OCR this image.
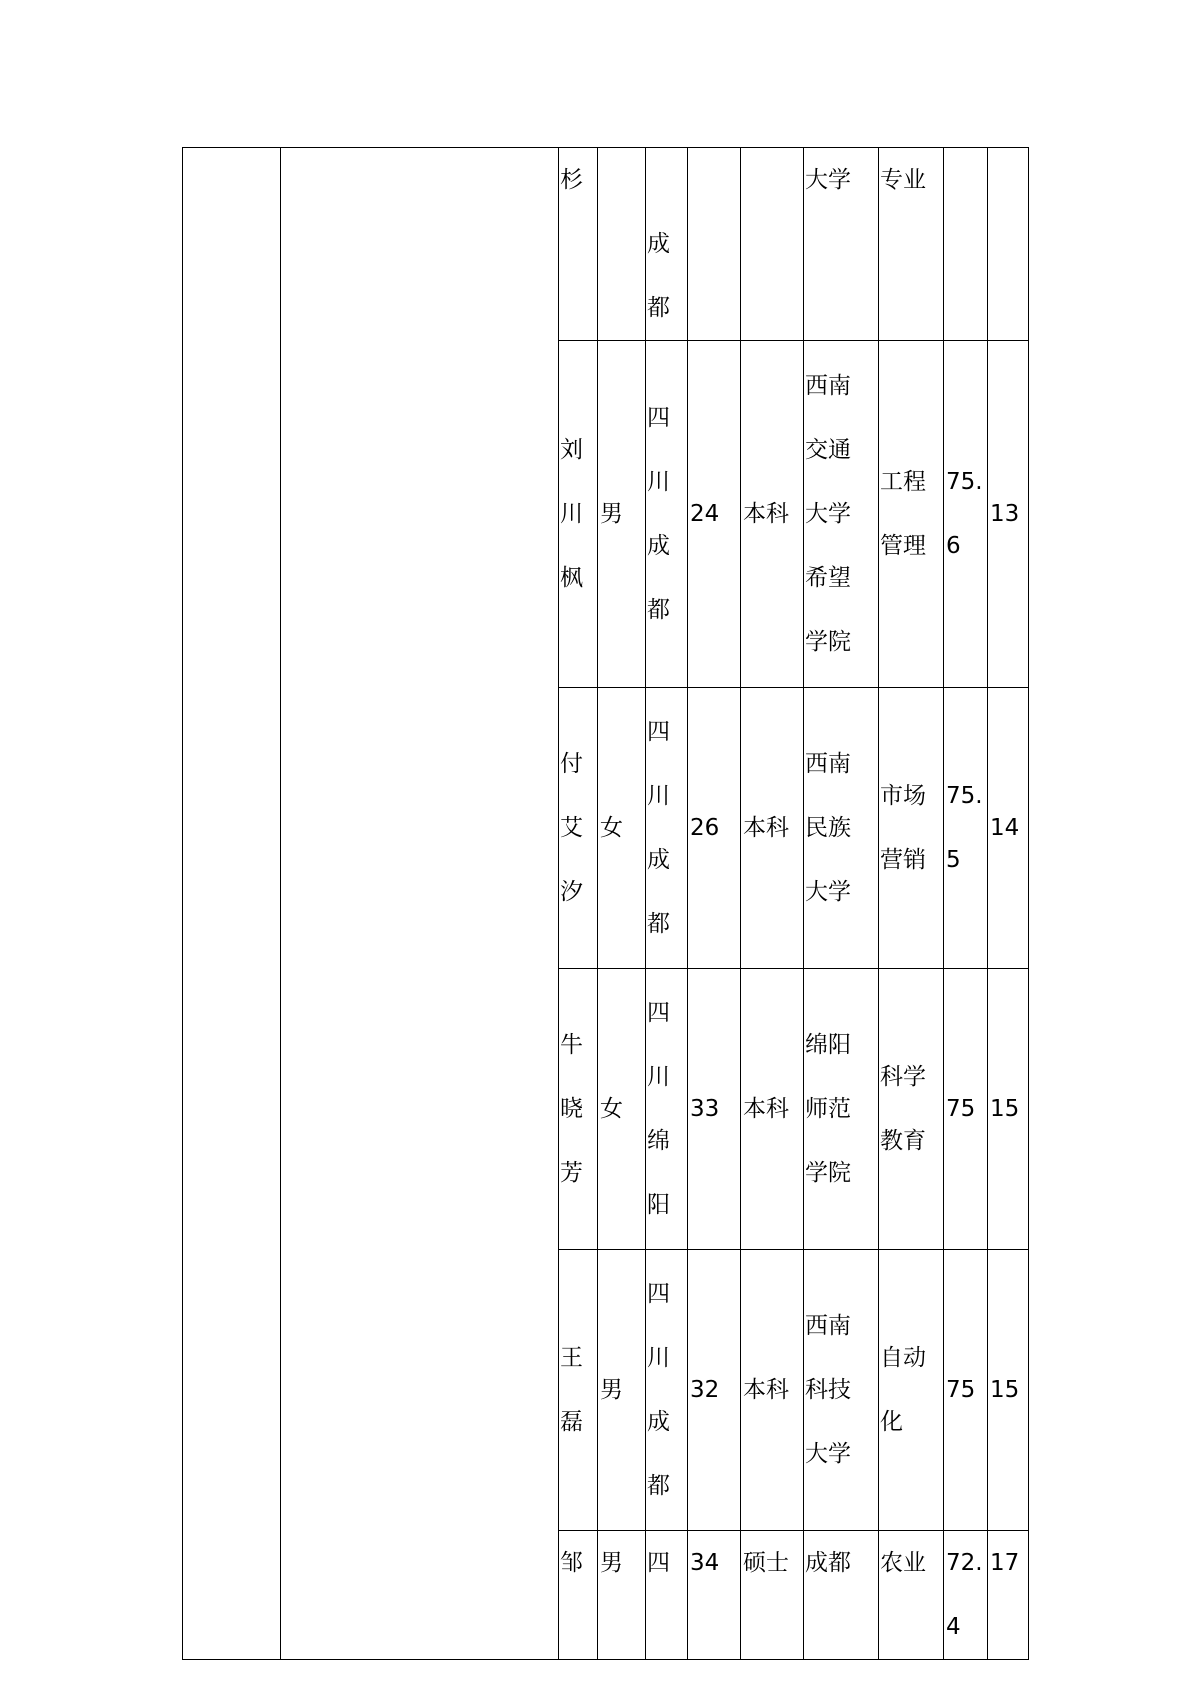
		杉		成
都			大学	专业		

		刘
川
枫	男	四
川
成
都	24	本科	西南
交通
大学
希望
学院	工程
管理	75.6	13

		付
艾
汐	女	四
川
成
都	26	本科	西南
民族
大学	市场
营销	75.5	14

		牛
晓
芳	女	四
川
绵
阳	33	本科	绵阳
师范
学院	科学
教育	75	15

		王
磊	男	四
川
成
都	32	本科	西南
科技
大学	自动
化	75	15

		邹	男	四	34	硕士	成都	农业	72.4	17
